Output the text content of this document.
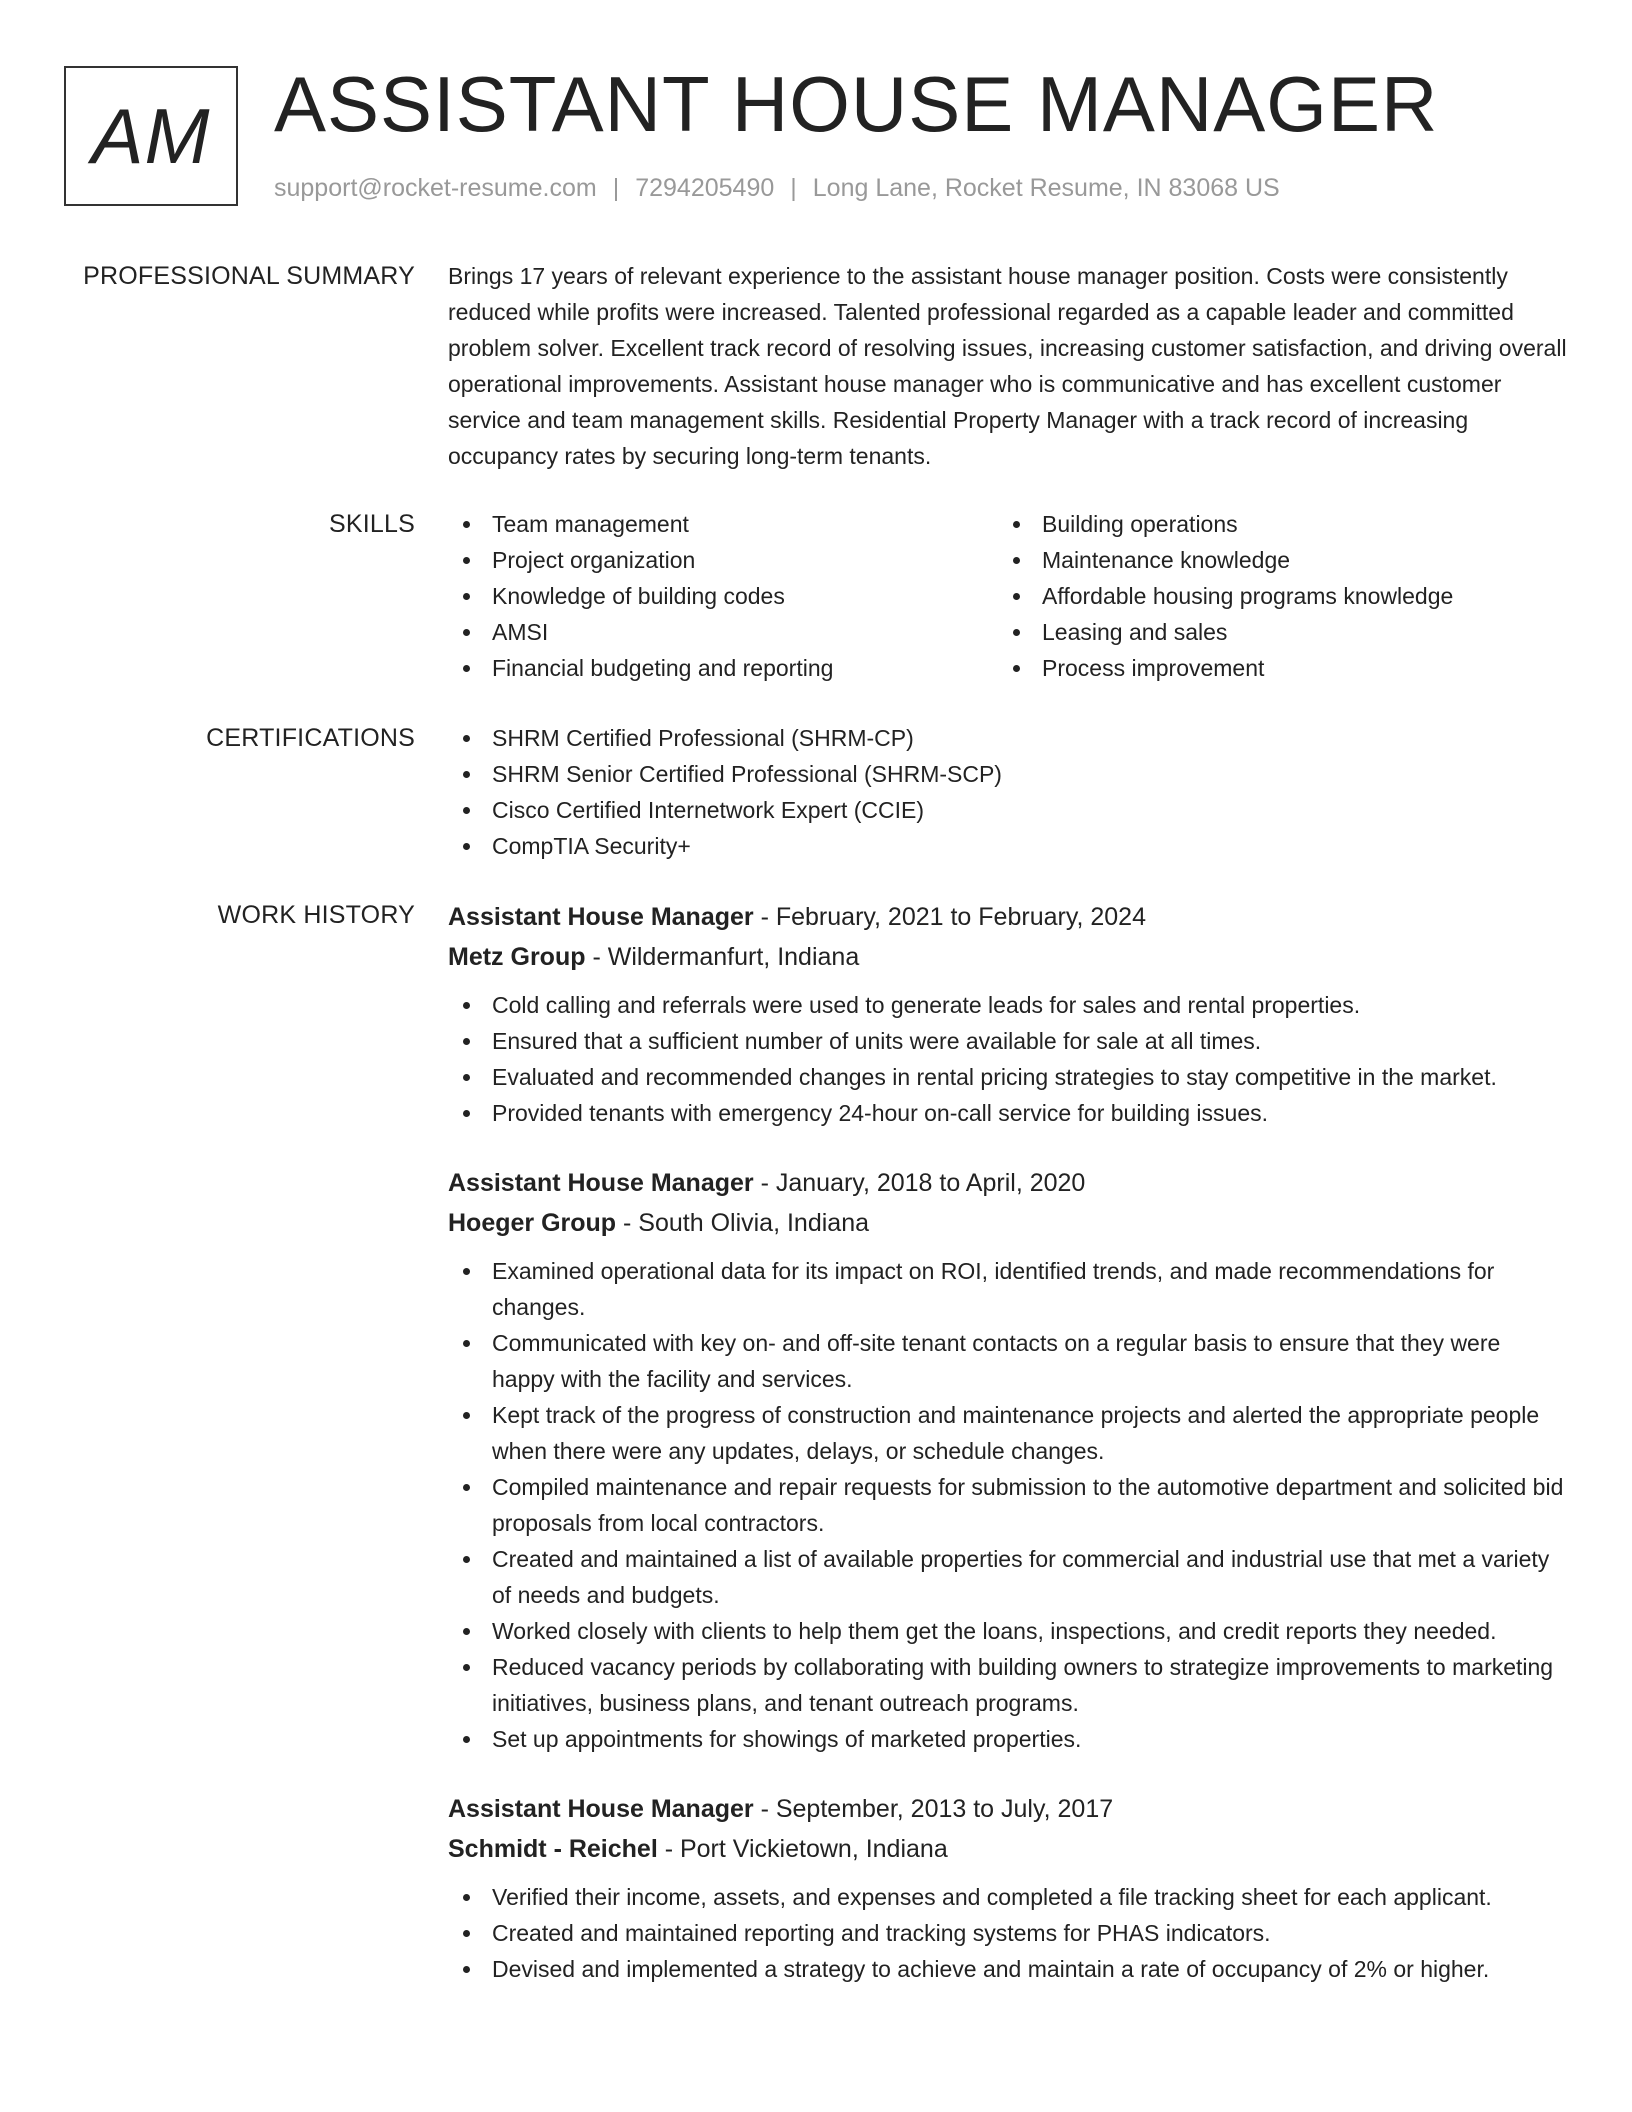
AM ASSISTANT HOUSE MANAGER
support@rocket-resume.com | 7294205490 | Long Lane, Rocket Resume, IN 83068 US
PROFESSIONAL SUMMARY Brings 17 years of relevant experience to the assistant house manager position. Costs were consistently reduced while profits were increased. Talented professional regarded as a capable leader and committed problem solver. Excellent track record of resolving issues, increasing customer satisfaction, and driving overall operational improvements. Assistant house manager who is communicative and has excellent customer service and team management skills. Residential Property Manager with a track record of increasing occupancy rates by securing long-term tenants.

SKILLS	Team management
Project organization
Knowledge of building codes
AMSI
Financial budgeting and reporting
Building operations
Maintenance knowledge
Affordable housing programs knowledge
Leasing and sales
Process improvement
CERTIFICATIONS	SHRM Certified Professional (SHRM-CP)
SHRM Senior Certified Professional (SHRM-SCP)
Cisco Certified Internetwork Expert (CCIE)
CompTIA Security+
WORK HISTORY Assistant House Manager - February, 2021 to February, 2024
Metz Group - Wildermanfurt, Indiana
Cold calling and referrals were used to generate leads for sales and rental properties.
Ensured that a sufficient number of units were available for sale at all times.
Evaluated and recommended changes in rental pricing strategies to stay competitive in the market.
Provided tenants with emergency 24-hour on-call service for building issues.
Assistant House Manager - January, 2018 to April, 2020
Hoeger Group - South Olivia, Indiana
Examined operational data for its impact on ROI, identified trends, and made recommendations for changes.
Communicated with key on- and off-site tenant contacts on a regular basis to ensure that they were happy with the facility and services.
Kept track of the progress of construction and maintenance projects and alerted the appropriate people when there were any updates, delays, or schedule changes.
Compiled maintenance and repair requests for submission to the automotive department and solicited bid proposals from local contractors.
Created and maintained a list of available properties for commercial and industrial use that met a variety of needs and budgets.
Worked closely with clients to help them get the loans, inspections, and credit reports they needed.
Reduced vacancy periods by collaborating with building owners to strategize improvements to marketing initiatives, business plans, and tenant outreach programs.
Set up appointments for showings of marketed properties.
Assistant House Manager - September, 2013 to July, 2017
Schmidt - Reichel - Port Vickietown, Indiana
Verified their income, assets, and expenses and completed a file tracking sheet for each applicant.
Created and maintained reporting and tracking systems for PHAS indicators.
Devised and implemented a strategy to achieve and maintain a rate of occupancy of 2% or higher.
